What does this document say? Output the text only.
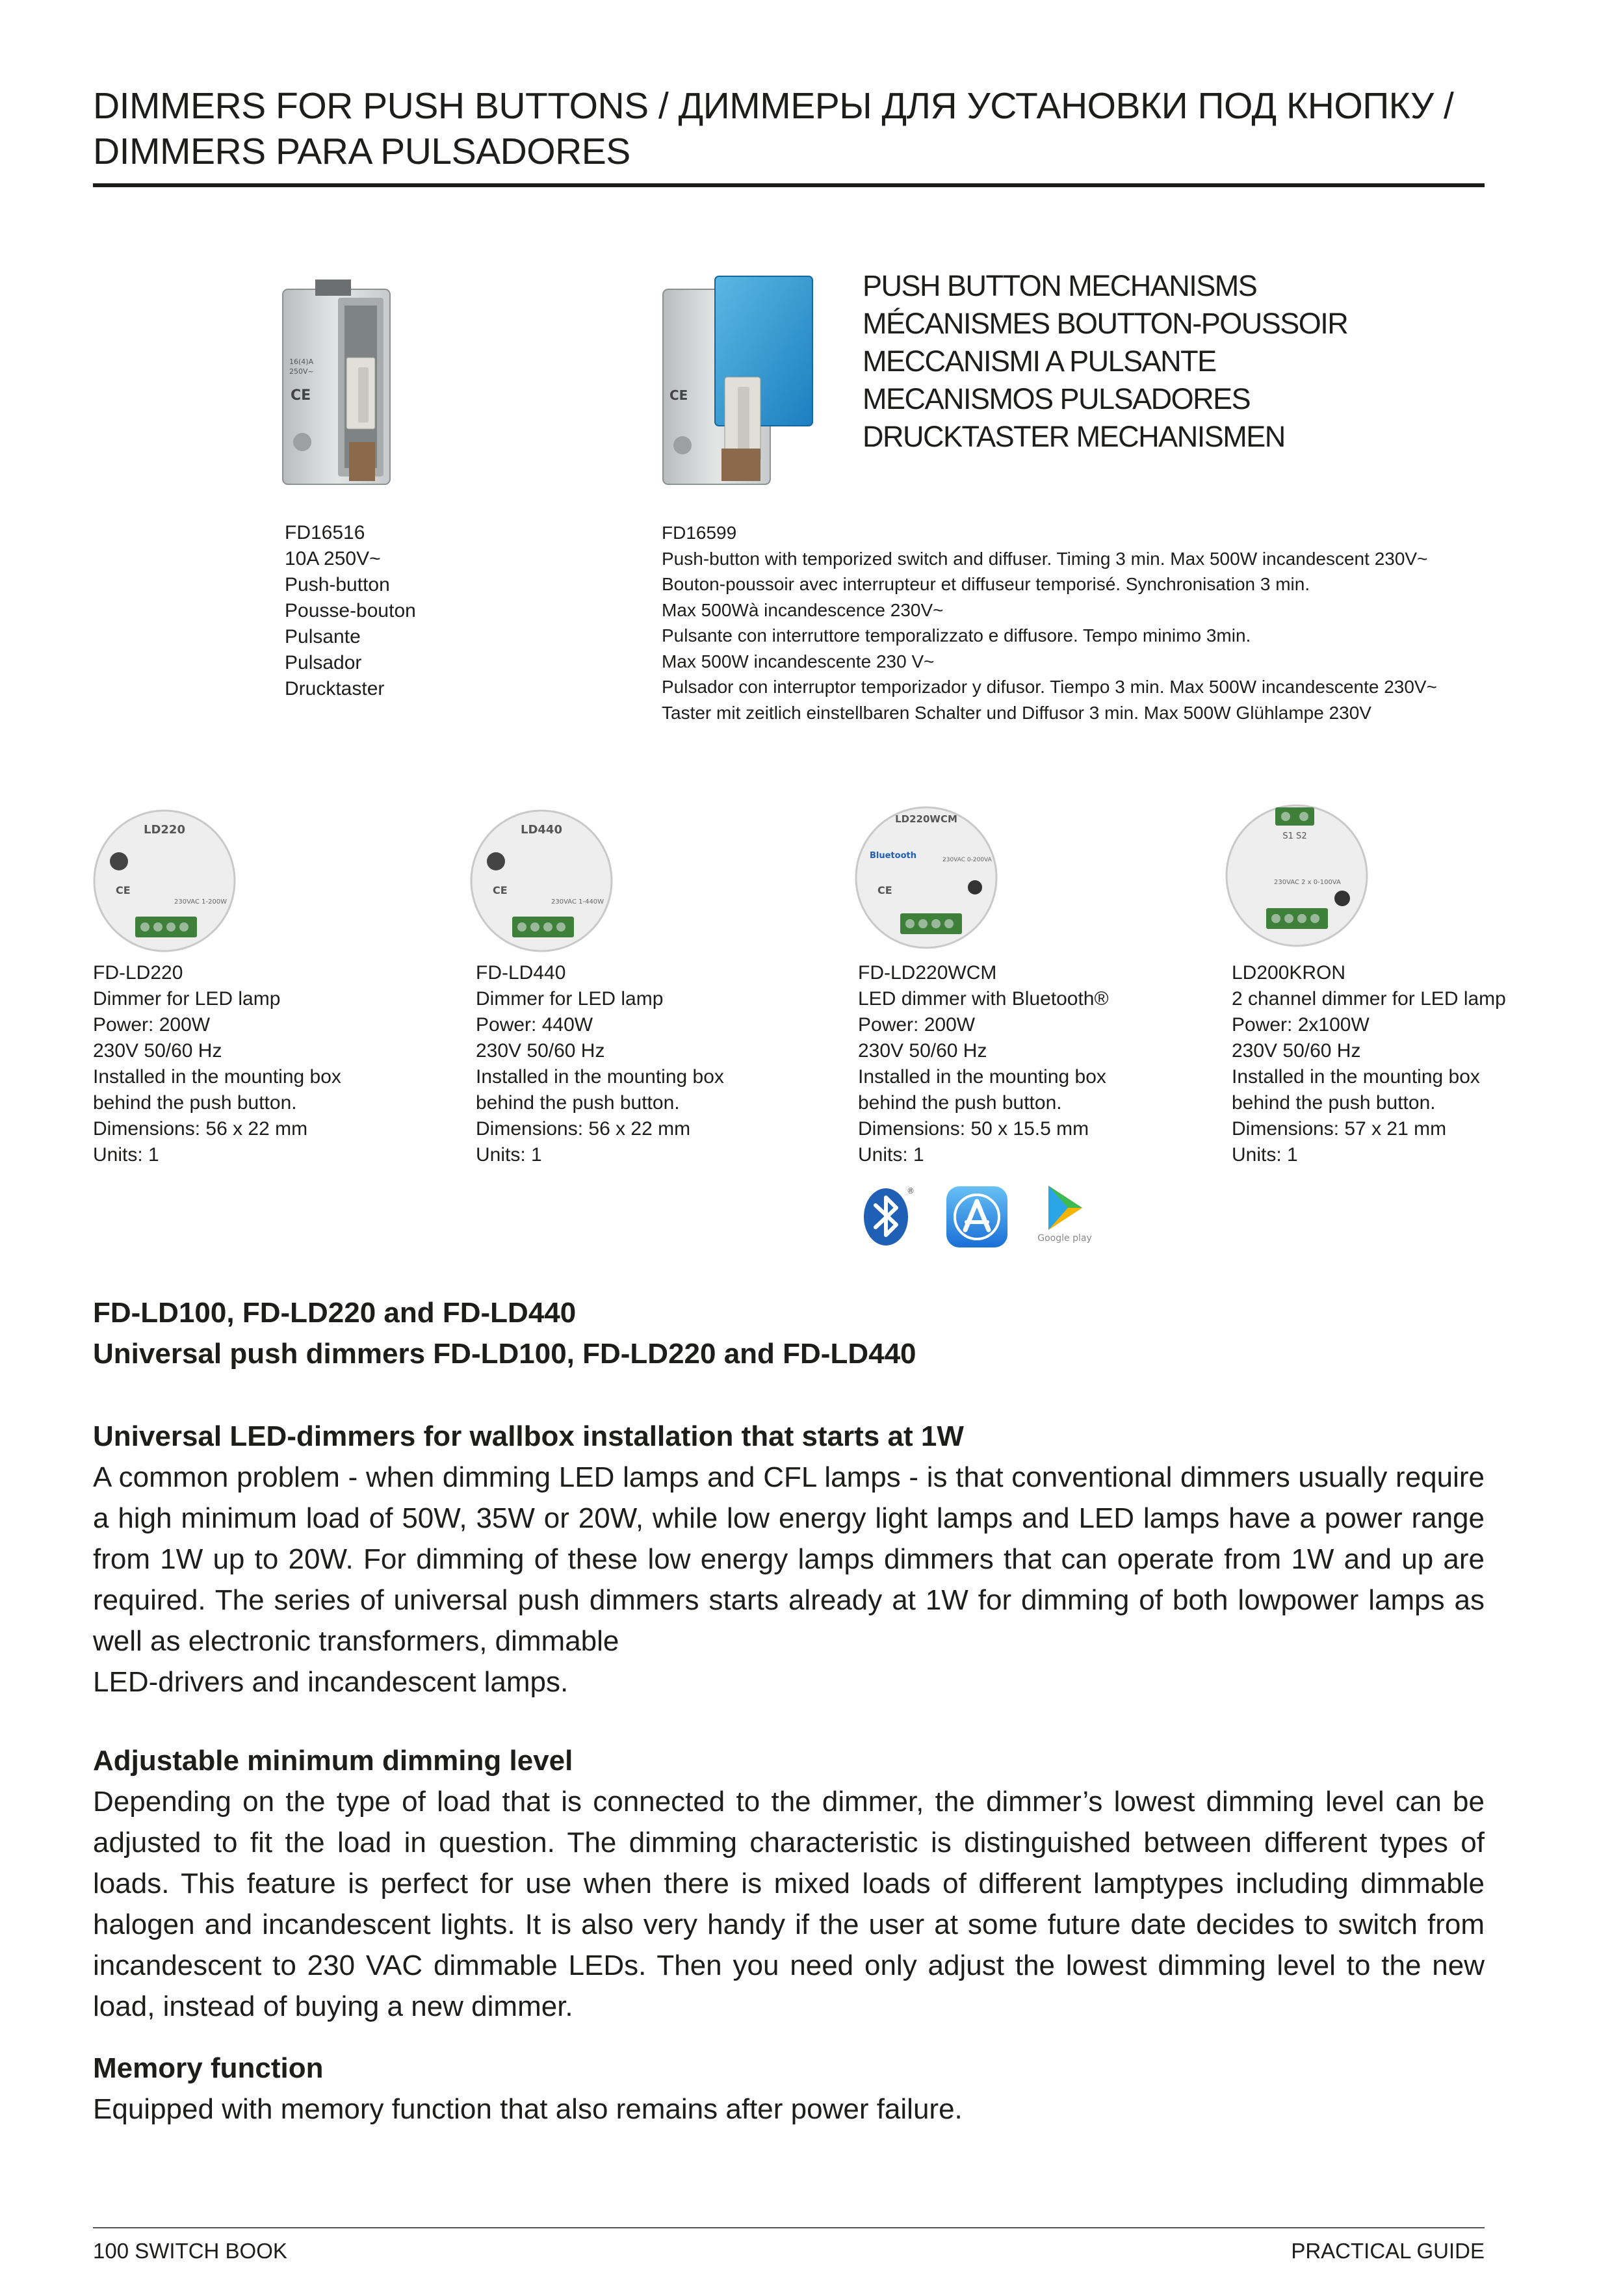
DIMMERS FOR PUSH BUTTONS / ДИММЕРЫ ДЛЯ УСТАНОВКИ ПОД КНОПКУ /
DIMMERS PARA PULSADORES
16(4)A
250V~
CE	CE
PUSH BUTTON MECHANISMS
MÉCANISMES BOUTTON-POUSSOIR
MECCANISMI A PULSANTE
MECANISMOS PULSADORES
DRUCKTASTER MECHANISMEN
FD16516
10A 250V~
Push-button
Pousse-bouton
Pulsante
Pulsador
Drucktaster
FD16599
Push-button with temporized switch and diffuser. Timing 3 min. Max 500W incandescent 230V~
Bouton-poussoir avec interrupteur et diffuseur temporisé. Synchronisation 3 min.
Max 500Wà incandescence 230V~
Pulsante con interruttore temporalizzato e diffusore. Tempo minimo 3min.
Max 500W incandescente 230 V~
Pulsador con interruptor temporizador y difusor. Tiempo 3 min. Max 500W incandescente 230V~
Taster mit zeitlich einstellbaren Schalter und Diffusor 3 min. Max 500W Glühlampe 230V
LD220
CE
230VAC 1-200W
LD440
CE
230VAC 1-440W
LD220WCM
Bluetooth
CE
230VAC 0-200VA
S1 S2
230VAC 2 x 0-100VA
FD-LD220
Dimmer for LED lamp
Power: 200W
230V 50/60 Hz
Installed in the mounting box
behind the push button.
Dimensions: 56 x 22 mm
Units: 1
FD-LD440
Dimmer for LED lamp
Power: 440W
230V 50/60 Hz
Installed in the mounting box
behind the push button.
Dimensions: 56 x 22 mm
Units: 1
FD-LD220WCM
LED dimmer with Bluetooth®
Power: 200W
230V 50/60 Hz
Installed in the mounting box
behind the push button.
Dimensions: 50 x 15.5 mm
Units: 1
LD200KRON
2 channel dimmer for LED lamp
Power: 2x100W
230V 50/60 Hz
Installed in the mounting box
behind the push button.
Dimensions: 57 x 21 mm
Units: 1
®
Google play
FD-LD100, FD-LD220 and FD-LD440
Universal push dimmers FD-LD100, FD-LD220 and FD-LD440
Universal LED-dimmers for wallbox installation that starts at 1W
A common problem - when dimming LED lamps and CFL lamps - is that conventional dimmers usually require a high minimum load of 50W, 35W or 20W, while low energy light lamps and LED lamps have a power range from 1W up to 20W. For dimming of these low energy lamps dimmers that can operate from 1W and up are required. The series of universal push dimmers starts already at 1W for dimming of both lowpower lamps as well as electronic transformers, dimmable
LED-drivers and incandescent lamps.
Adjustable minimum dimming level
Depending on the type of load that is connected to the dimmer, the dimmer’s lowest dimming level can be adjusted to fit the load in question. The dimming characteristic is distinguished between different types of loads. This feature is perfect for use when there is mixed loads of different lamptypes including dimmable halogen and incandescent lights. It is also very handy if the user at some future date decides to switch from incandescent to 230 VAC dimmable LEDs. Then you need only adjust the lowest dimming level to the new load, instead of buying a new dimmer.
Memory function
Equipped with memory function that also remains after power failure.
100 SWITCH BOOK	PRACTICAL GUIDE
